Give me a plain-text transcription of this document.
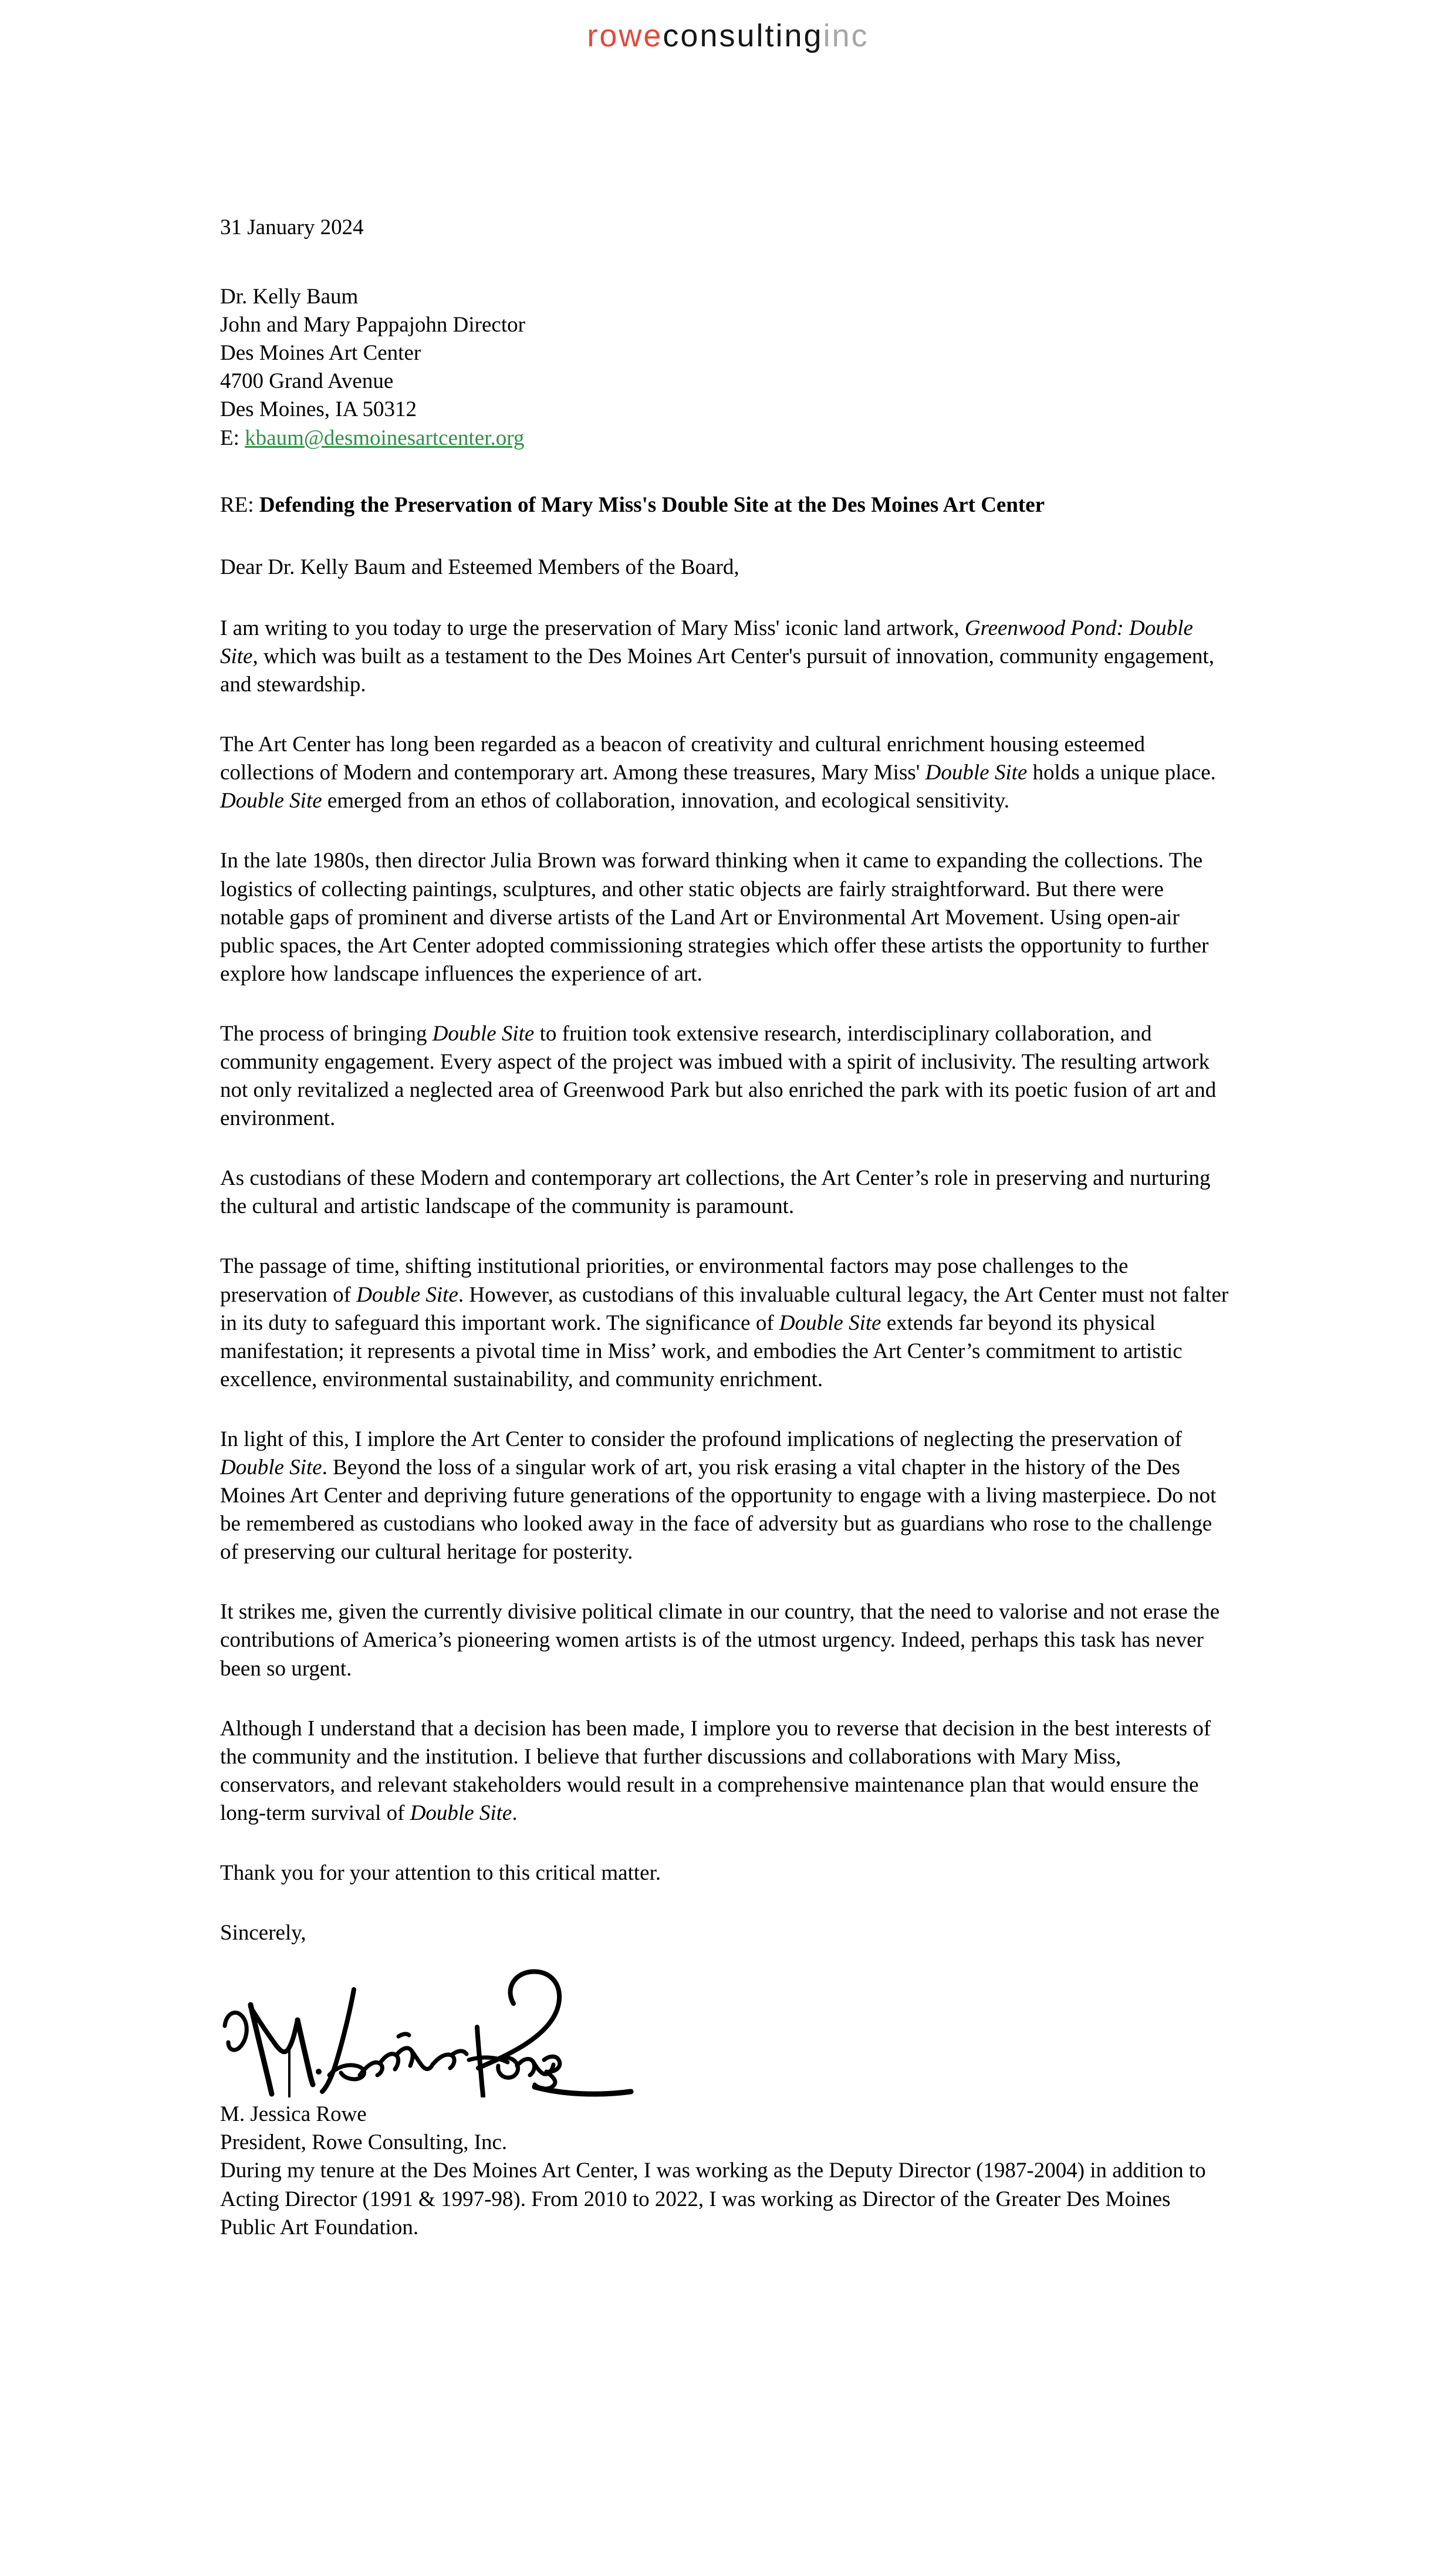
roweconsultinginc
31 January 2024
Dr. Kelly Baum
John and Mary Pappajohn Director
Des Moines Art Center
4700 Grand Avenue
Des Moines, IA 50312
E: kbaum@desmoinesartcenter.org
RE: Defending the Preservation of Mary Miss's Double Site at the Des Moines Art Center
Dear Dr. Kelly Baum and Esteemed Members of the Board,

I am writing to you today to urge the preservation of Mary Miss' iconic land artwork, Greenwood Pond: Double Site, which was built as a testament to the Des Moines Art Center's pursuit of innovation, community engagement, and stewardship.

The Art Center has long been regarded as a beacon of creativity and cultural enrichment housing esteemed collections of Modern and contemporary art. Among these treasures, Mary Miss' Double Site holds a unique place. Double Site emerged from an ethos of collaboration, innovation, and ecological sensitivity.

In the late 1980s, then director Julia Brown was forward thinking when it came to expanding the collections. The logistics of collecting paintings, sculptures, and other static objects are fairly straightforward. But there were notable gaps of prominent and diverse artists of the Land Art or Environmental Art Movement. Using open-air public spaces, the Art Center adopted commissioning strategies which offer these artists the opportunity to further explore how landscape influences the experience of art.

The process of bringing Double Site to fruition took extensive research, interdisciplinary collaboration, and community engagement. Every aspect of the project was imbued with a spirit of inclusivity. The resulting artwork not only revitalized a neglected area of Greenwood Park but also enriched the park with its poetic fusion of art and environment.

As custodians of these Modern and contemporary art collections, the Art Center’s role in preserving and nurturing the cultural and artistic landscape of the community is paramount.

The passage of time, shifting institutional priorities, or environmental factors may pose challenges to the preservation of Double Site. However, as custodians of this invaluable cultural legacy, the Art Center must not falter in its duty to safeguard this important work. The significance of Double Site extends far beyond its physical manifestation; it represents a pivotal time in Miss’ work, and embodies the Art Center’s commitment to artistic excellence, environmental sustainability, and community enrichment.

In light of this, I implore the Art Center to consider the profound implications of neglecting the preservation of Double Site. Beyond the loss of a singular work of art, you risk erasing a vital chapter in the history of the Des Moines Art Center and depriving future generations of the opportunity to engage with a living masterpiece. Do not be remembered as custodians who looked away in the face of adversity but as guardians who rose to the challenge of preserving our cultural heritage for posterity.

It strikes me, given the currently divisive political climate in our country, that the need to valorise and not erase the contributions of America’s pioneering women artists is of the utmost urgency. Indeed, perhaps this task has never been so urgent.

Although I understand that a decision has been made, I implore you to reverse that decision in the best interests of the community and the institution. I believe that further discussions and collaborations with Mary Miss, conservators, and relevant stakeholders would result in a comprehensive maintenance plan that would ensure the long-term survival of Double Site.

Thank you for your attention to this critical matter.

Sincerely,
M. Jessica Rowe
President, Rowe Consulting, Inc.

During my tenure at the Des Moines Art Center, I was working as the Deputy Director (1987-2004) in addition to Acting Director (1991 & 1997-98). From 2010 to 2022, I was working as Director of the Greater Des Moines Public Art Foundation.
